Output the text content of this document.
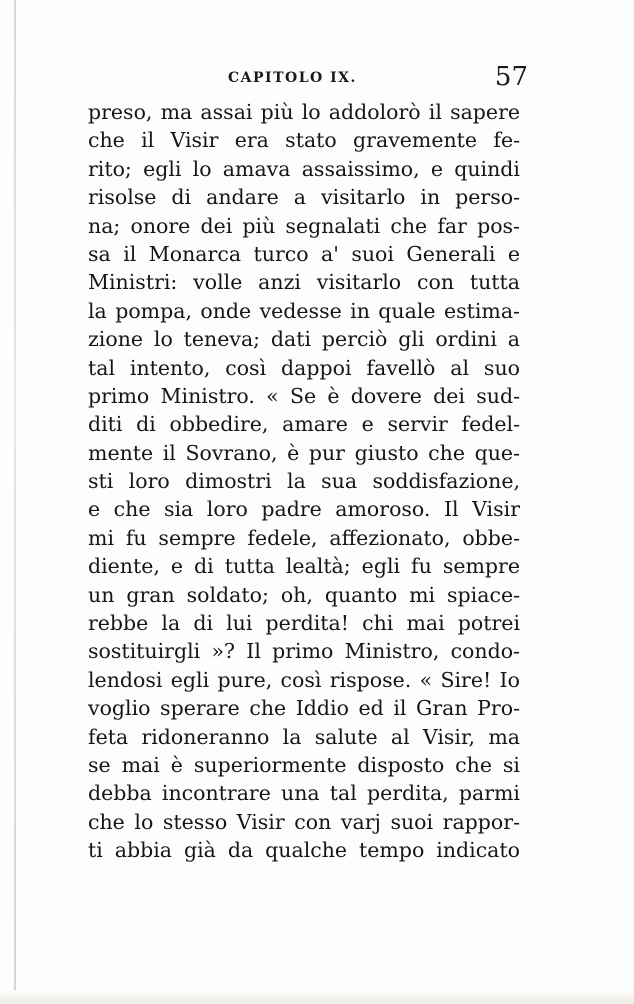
CAPITOLO IX.	57
preso, ma assai più lo addolorò il sapere
che il Visir era stato gravemente fe-
rito; egli lo amava assaissimo, e quindi
risolse di andare a visitarlo in perso-
na; onore dei più segnalati che far pos-
sa il Monarca turco a' suoi Generali e
Ministri: volle anzi visitarlo con tutta
la pompa, onde vedesse in quale estima-
zione lo teneva; dati perciò gli ordini a
tal intento, così dappoi favellò al suo
primo Ministro. « Se è dovere dei sud-
diti di obbedire, amare e servir fedel-
mente il Sovrano, è pur giusto che que-
sti loro dimostri la sua soddisfazione,
e che sia loro padre amoroso. Il Visir
mi fu sempre fedele, affezionato, obbe-
diente, e di tutta lealtà; egli fu sempre
un gran soldato; oh, quanto mi spiace-
rebbe la di lui perdita! chi mai potrei
sostituirgli »? Il primo Ministro, condo-
lendosi egli pure, così rispose. « Sire! Io
voglio sperare che Iddio ed il Gran Pro-
feta ridoneranno la salute al Visir, ma
se mai è superiormente disposto che si
debba incontrare una tal perdita, parmi
che lo stesso Visir con varj suoi rappor-
ti abbia già da qualche tempo indicato
